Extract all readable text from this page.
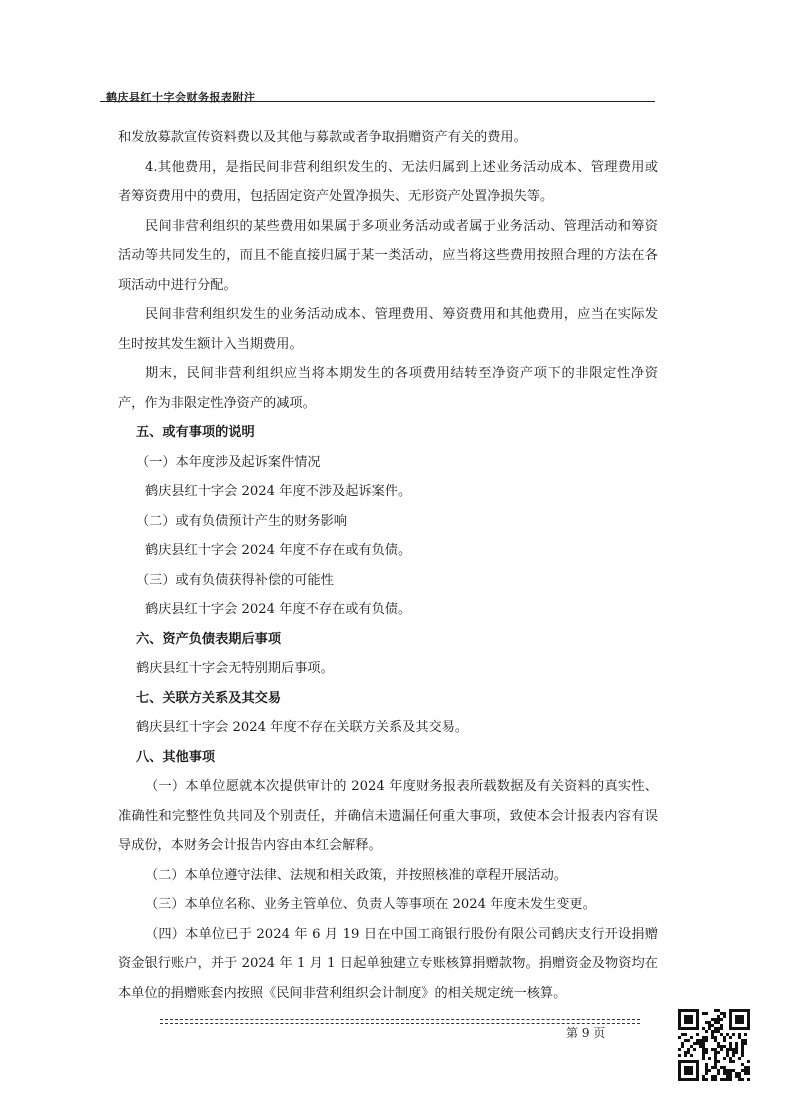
鹤庆县红十字会财务报表附注

和发放募款宣传资料费以及其他与募款或者争取捐赠资产有关的费用。

4.其他费用，是指民间非营利组织发生的、无法归属到上述业务活动成本、管理费用或者筹资费用中的费用，包括固定资产处置净损失、无形资产处置净损失等。

民间非营利组织的某些费用如果属于多项业务活动或者属于业务活动、管理活动和筹资活动等共同发生的，而且不能直接归属于某一类活动，应当将这些费用按照合理的方法在各项活动中进行分配。

民间非营利组织发生的业务活动成本、管理费用、筹资费用和其他费用，应当在实际发生时按其发生额计入当期费用。

期末，民间非营利组织应当将本期发生的各项费用结转至净资产项下的非限定性净资产，作为非限定性净资产的减项。

五、或有事项的说明

（一）本年度涉及起诉案件情况

鹤庆县红十字会 2024 年度不涉及起诉案件。

（二）或有负债预计产生的财务影响

鹤庆县红十字会 2024 年度不存在或有负债。

（三）或有负债获得补偿的可能性

鹤庆县红十字会 2024 年度不存在或有负债。

六、资产负债表期后事项

鹤庆县红十字会无特别期后事项。

七、关联方关系及其交易

鹤庆县红十字会 2024 年度不存在关联方关系及其交易。

八、其他事项

（一）本单位愿就本次提供审计的 2024 年度财务报表所载数据及有关资料的真实性、准确性和完整性负共同及个别责任，并确信未遗漏任何重大事项，致使本会计报表内容有误导成份，本财务会计报告内容由本红会解释。

（二）本单位遵守法律、法规和相关政策，并按照核准的章程开展活动。

（三）本单位名称、业务主管单位、负责人等事项在 2024 年度未发生变更。

（四）本单位已于 2024 年 6 月 19 日在中国工商银行股份有限公司鹤庆支行开设捐赠资金银行账户，并于 2024 年 1 月 1 日起单独建立专账核算捐赠款物。捐赠资金及物资均在本单位的捐赠账套内按照《民间非营利组织会计制度》的相关规定统一核算。

第 9 页
